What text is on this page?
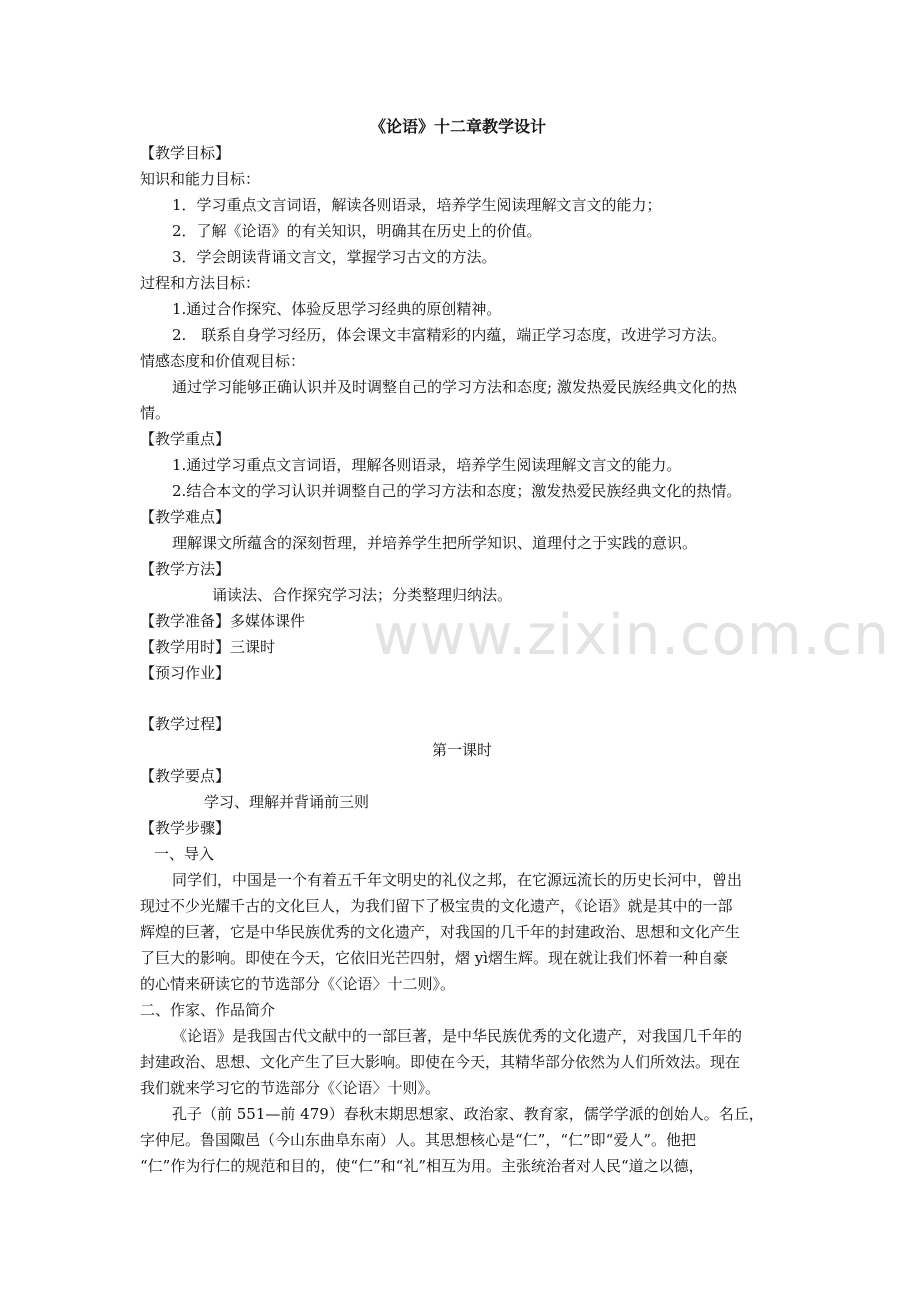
www.zixin.com.cn
《论语》十二章教学设计
【教学目标】
知识和能力目标：
1．学习重点文言词语，解读各则语录，培养学生阅读理解文言文的能力；
2．了解《论语》的有关知识，明确其在历史上的价值。
3．学会朗读背诵文言文，掌握学习古文的方法。
过程和方法目标：
1.通过合作探究、体验反思学习经典的原创精神。
2.　联系自身学习经历，体会课文丰富精彩的内蕴，端正学习态度，改进学习方法。
情感态度和价值观目标：
通过学习能够正确认识并及时调整自己的学习方法和态度; 激发热爱民族经典文化的热
情。
【教学重点】
1.通过学习重点文言词语，理解各则语录，培养学生阅读理解文言文的能力。
2.结合本文的学习认识并调整自己的学习方法和态度；激发热爱民族经典文化的热情。
【教学难点】
理解课文所蕴含的深刻哲理，并培养学生把所学知识、道理付之于实践的意识。
【教学方法】
诵读法、合作探究学习法；分类整理归纳法。
【教学准备】多媒体课件
【教学用时】三课时
【预习作业】
【教学过程】
第一课时
【教学要点】
学习、理解并背诵前三则
【教学步骤】
一、导入
同学们，中国是一个有着五千年文明史的礼仪之邦，在它源远流长的历史长河中，曾出
现过不少光耀千古的文化巨人，为我们留下了极宝贵的文化遗产，《论语》就是其中的一部
辉煌的巨著，它是中华民族优秀的文化遗产，对我国的几千年的封建政治、思想和文化产生
了巨大的影响。即使在今天，它依旧光芒四射，熠 yì熠生辉。现在就让我们怀着一种自豪
的心情来研读它的节选部分《〈论语〉十二则》。
二、作家、作品简介
《论语》是我国古代文献中的一部巨著，是中华民族优秀的文化遗产，对我国几千年的
封建政治、思想、文化产生了巨大影响。即使在今天，其精华部分依然为人们所效法。现在
我们就来学习它的节选部分《〈论语〉十则》。
孔子（前 551—前 479）春秋末期思想家、政治家、教育家，儒学学派的创始人。名丘，
字仲尼。鲁国陬邑（今山东曲阜东南）人。其思想核心是“仁”，“仁”即“爱人”。他把
“仁”作为行仁的规范和目的，使“仁”和“礼”相互为用。主张统治者对人民“道之以德，
